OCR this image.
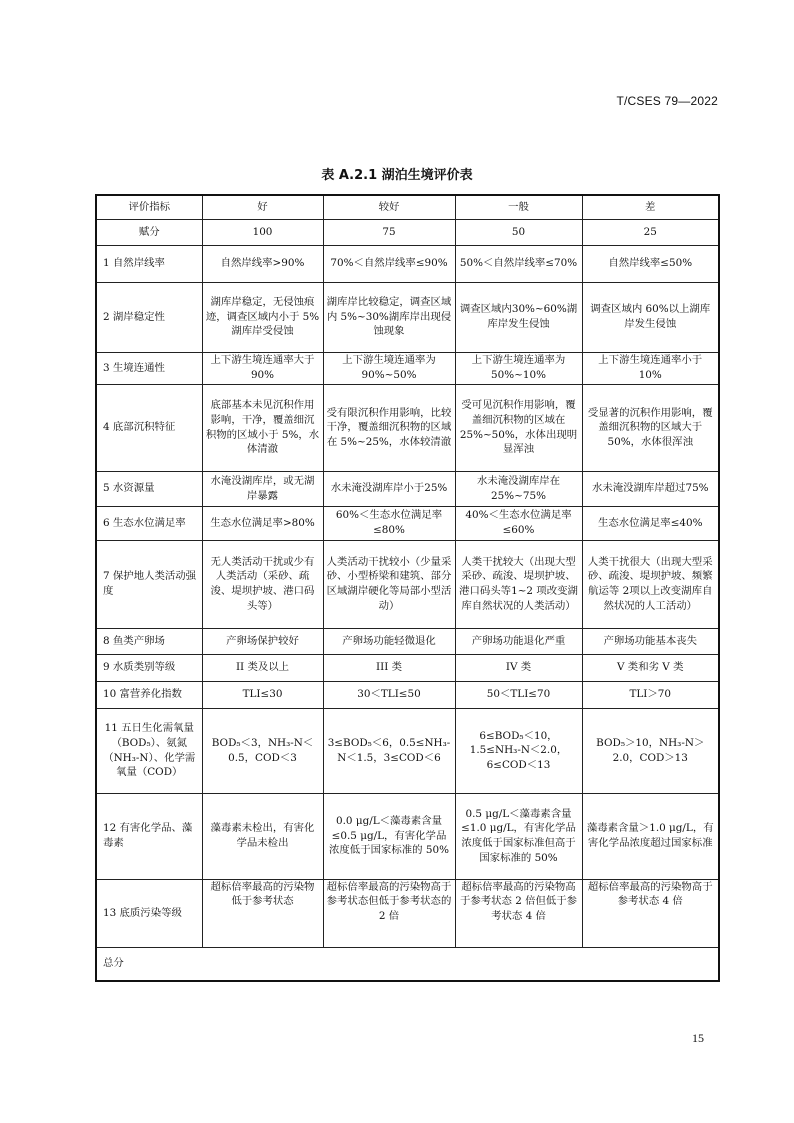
T/CSES 79—2022
表 A.2.1 湖泊生境评价表
评价指标	好	较好	一般	差
赋分	100	75	50	25
1 自然岸线率	自然岸线率>90%	70%＜自然岸线率≤90%	50%＜自然岸线率≤70%	自然岸线率≤50%
2 湖岸稳定性	湖库岸稳定，无侵蚀痕迹，调查区域内小于 5%湖库岸受侵蚀	湖库岸比较稳定，调查区域内 5%~30%湖库岸出现侵蚀现象	调查区域内30%~60%湖库岸发生侵蚀	调查区域内 60%以上湖库岸发生侵蚀
3 生境连通性	上下游生境连通率大于 90%	上下游生境连通率为90%~50%	上下游生境连通率为50%~10%	上下游生境连通率小于 10%
4 底部沉积特征	底部基本未见沉积作用影响，干净，覆盖细沉积物的区域小于 5%，水体清澈	受有限沉积作用影响，比较干净，覆盖细沉积物的区域在 5%~25%，水体较清澈	受可见沉积作用影响，覆盖细沉积物的区域在 25%~50%，水体出现明显浑浊	受显著的沉积作用影响，覆盖细沉积物的区域大于 50%，水体很浑浊
5 水资源量	水淹没湖库岸，或无湖岸暴露	水未淹没湖库岸小于25%	水未淹没湖库岸在25%~75%	水未淹没湖库岸超过75%
6 生态水位满足率	生态水位满足率>80%	60%＜生态水位满足率≤80%	40%＜生态水位满足率≤60%	生态水位满足率≤40%
7 保护地人类活动强度	无人类活动干扰或少有人类活动（采砂、疏浚、堤坝护坡、港口码头等）	人类活动干扰较小（少量采砂、小型桥梁和建筑、部分区域湖岸硬化等局部小型活动）	人类干扰较大（出现大型采砂、疏浚、堤坝护坡、港口码头等1~2 项改变湖库自然状况的人类活动）	人类干扰很大（出现大型采砂、疏浚、堤坝护坡、频繁航运等 2项以上改变湖库自然状况的人工活动）
8 鱼类产卵场	产卵场保护较好	产卵场功能轻微退化	产卵场功能退化严重	产卵场功能基本丧失
9 水质类别等级	II 类及以上	III 类	IV 类	V 类和劣 V 类
10 富营养化指数	TLI≤30	30＜TLI≤50	50＜TLI≤70	TLI＞70
11 五日生化需氧量（BOD₅）、氨氮（NH₃-N）、化学需氧量（COD）	BOD₅＜3，NH₃-N＜0.5，COD＜3	3≤BOD₅＜6，0.5≤NH₃-N＜1.5，3≤COD＜6	6≤BOD₅＜10，1.5≤NH₃-N＜2.0，6≤COD＜13	BOD₅＞10，NH₃-N＞2.0，COD＞13
12 有害化学品、藻毒素	藻毒素未检出，有害化学品未检出	0.0 μg/L＜藻毒素含量≤0.5 μg/L，有害化学品浓度低于国家标准的 50%	0.5 μg/L＜藻毒素含量≤1.0 μg/L，有害化学品浓度低于国家标准但高于国家标准的 50%	藻毒素含量＞1.0 μg/L，有害化学品浓度超过国家标准
13 底质污染等级	超标倍率最高的污染物低于参考状态	超标倍率最高的污染物高于参考状态但低于参考状态的 2 倍	超标倍率最高的污染物高于参考状态 2 倍但低于参考状态 4 倍	超标倍率最高的污染物高于参考状态 4 倍
总分				
15
